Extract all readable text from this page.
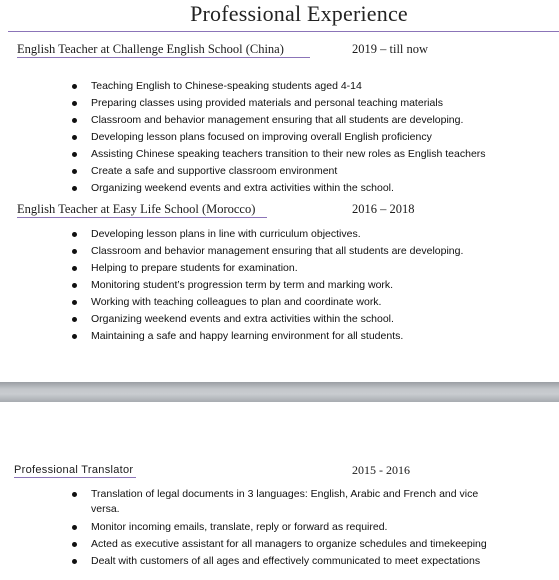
Professional Experience
English Teacher at Challenge English School (China)	2019 – till now
Teaching English to Chinese-speaking students aged 4-14
Preparing classes using provided materials and personal teaching materials
Classroom and behavior management ensuring that all students are developing.
Developing lesson plans focused on improving overall English proficiency
Assisting Chinese speaking teachers transition to their new roles as English teachers
Create a safe and supportive classroom environment
Organizing weekend events and extra activities within the school.
English Teacher at Easy Life School (Morocco)	2016 – 2018
Developing lesson plans in line with curriculum objectives.
Classroom and behavior management ensuring that all students are developing.
Helping to prepare students for examination.
Monitoring student’s progression term by term and marking work.
Working with teaching colleagues to plan and coordinate work.
Organizing weekend events and extra activities within the school.
Maintaining a safe and happy learning environment for all students.
Professional Translator	2015 - 2016
Translation of legal documents in 3 languages: English, Arabic and French and vice versa.
Monitor incoming emails, translate, reply or forward as required.
Acted as executive assistant for all managers to organize schedules and timekeeping
Dealt with customers of all ages and effectively communicated to meet expectations
